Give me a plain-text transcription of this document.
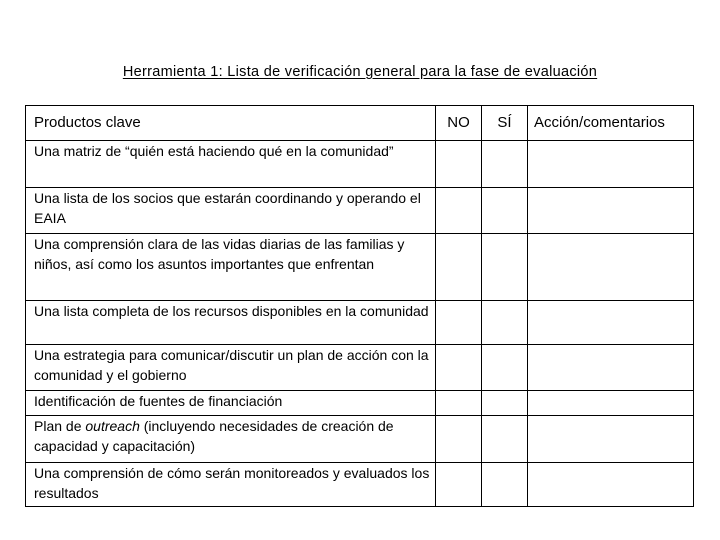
Herramienta 1: Lista de verificación general para la fase de evaluación
Productos clave	NO	SÍ	Acción/comentarios
Una matriz de “quién está haciendo qué en la comunidad”			
Una lista de los socios que estarán coordinando y operando el EAIA			
Una comprensión clara de las vidas diarias de las familias y niños, así como los asuntos importantes que enfrentan			
Una lista completa de los recursos disponibles en la comunidad			
Una estrategia para comunicar/discutir un plan de acción con la comunidad y el gobierno			
Identificación de fuentes de financiación			
Plan de outreach (incluyendo necesidades de creación de capacidad y capacitación)			
Una comprensión de cómo serán monitoreados y evaluados los resultados			
